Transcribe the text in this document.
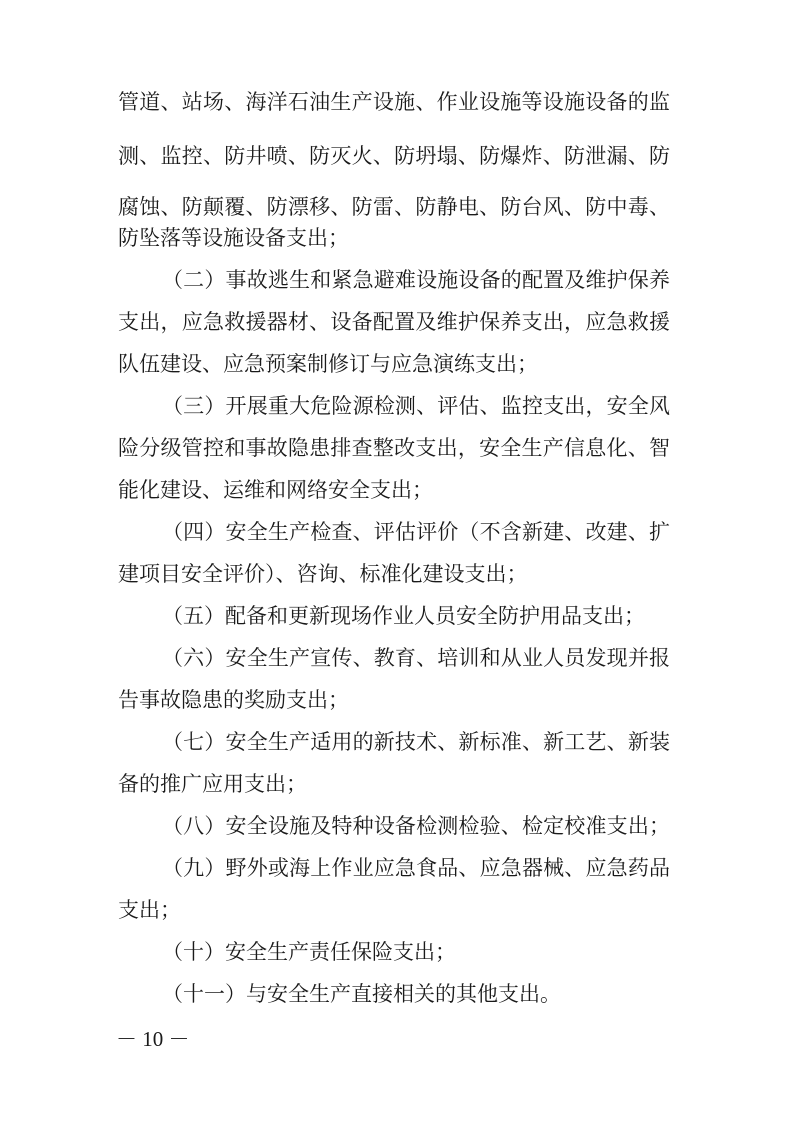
管道、站场、海洋石油生产设施、作业设施等设施设备的监
测、监控、防井喷、防灭火、防坍塌、防爆炸、防泄漏、防
腐蚀、防颠覆、防漂移、防雷、防静电、防台风、防中毒、
防坠落等设施设备支出；
（二）事故逃生和紧急避难设施设备的配置及维护保养
支出，应急救援器材、设备配置及维护保养支出，应急救援
队伍建设、应急预案制修订与应急演练支出；
（三）开展重大危险源检测、评估、监控支出，安全风
险分级管控和事故隐患排查整改支出，安全生产信息化、智
能化建设、运维和网络安全支出；
（四）安全生产检查、评估评价（不含新建、改建、扩
建项目安全评价）、咨询、标准化建设支出；
（五）配备和更新现场作业人员安全防护用品支出；
（六）安全生产宣传、教育、培训和从业人员发现并报
告事故隐患的奖励支出；
（七）安全生产适用的新技术、新标准、新工艺、新装
备的推广应用支出；
（八）安全设施及特种设备检测检验、检定校准支出；
（九）野外或海上作业应急食品、应急器械、应急药品
支出；
（十）安全生产责任保险支出；
（十一）与安全生产直接相关的其他支出。
－ 10 －
